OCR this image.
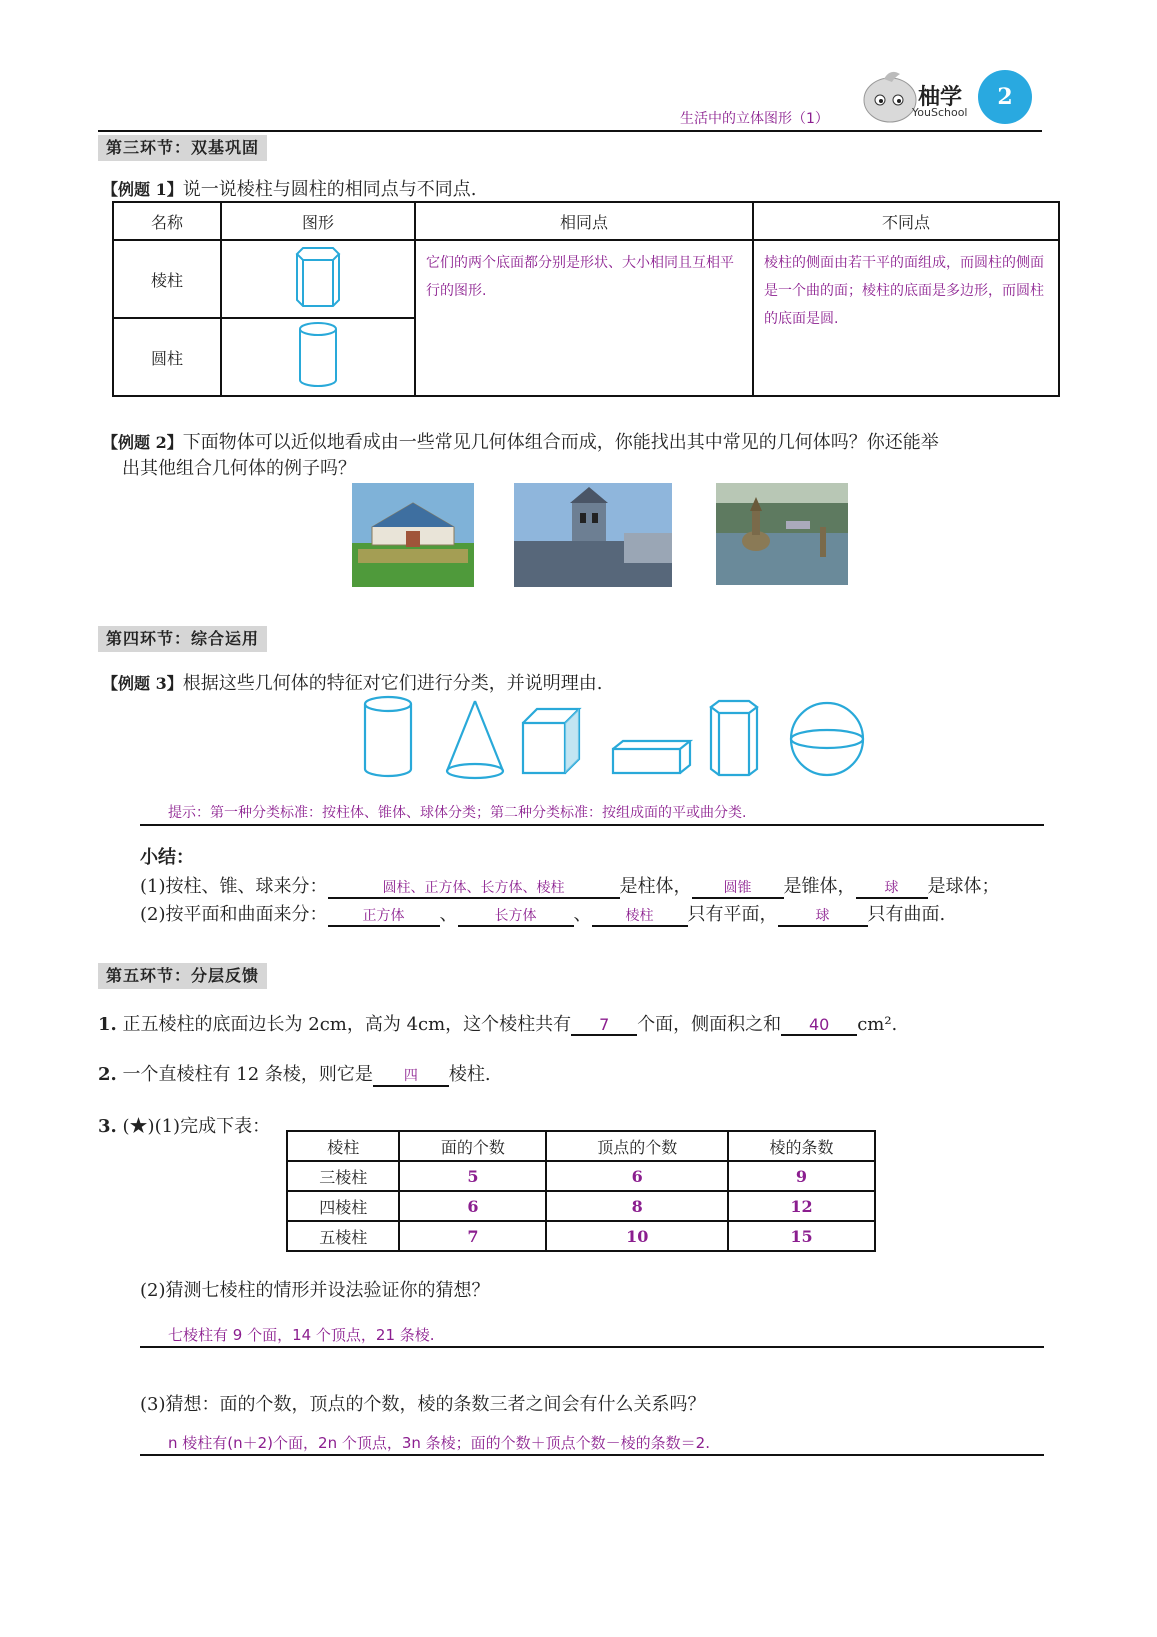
柚学
YouSchool
2
生活中的立体图形（1）
第三环节：双基巩固
【例题 1】说一说棱柱与圆柱的相同点与不同点.
名称	图形	相同点	不同点
棱柱		它们的两个底面都分别是形状、大小相同且互相平行的图形.	棱柱的侧面由若干平的面组成，而圆柱的侧面是一个曲的面；棱柱的底面是多边形，而圆柱的底面是圆.
圆柱	
【例题 2】下面物体可以近似地看成由一些常见几何体组合而成，你能找出其中常见的几何体吗？你还能举
出其他组合几何体的例子吗？
第四环节：综合运用
【例题 3】根据这些几何体的特征对它们进行分类，并说明理由.
提示：第一种分类标准：按柱体、锥体、球体分类；第二种分类标准：按组成面的平或曲分类.
小结：
(1)按柱、锥、球来分：	圆柱、正方体、长方体、棱柱	是柱体， 圆锥 是锥体， 球 是球体；
(2)按平面和曲面来分：	正方体 、	长方体 、 棱柱 只有平面，	球 只有曲面.
第五环节：分层反馈
1. 正五棱柱的底面边长为 2cm，高为 4cm，这个棱柱共有 7 个面，侧面积之和 40 cm².
2. 一个直棱柱有 12 条棱，则它是 四 棱柱.
3. (★)(1)完成下表：
棱柱	面的个数	顶点的个数	棱的条数
三棱柱	5	6	9
四棱柱	6	8	12
五棱柱	7	10	15
(2)猜测七棱柱的情形并设法验证你的猜想？
七棱柱有 9 个面，14 个顶点，21 条棱.
(3)猜想：面的个数，顶点的个数，棱的条数三者之间会有什么关系吗？
n 棱柱有(n＋2)个面，2n 个顶点，3n 条棱；面的个数＋顶点个数－棱的条数＝2.
